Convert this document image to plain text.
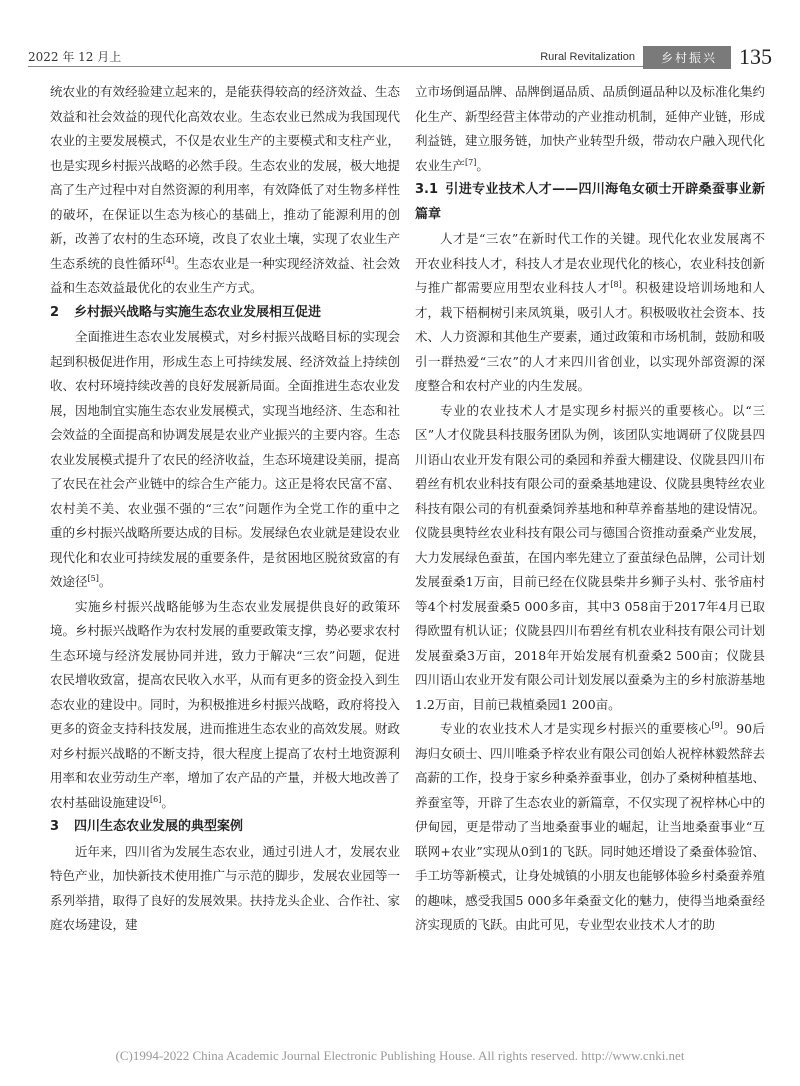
2022 年 12 月上	Rural Revitalization	乡村振兴	135

统农业的有效经验建立起来的，是能获得较高的经济效益、生态效益和社会效益的现代化高效农业。生态农业已然成为我国现代农业的主要发展模式，不仅是农业生产的主要模式和支柱产业，也是实现乡村振兴战略的必然手段。生态农业的发展，极大地提高了生产过程中对自然资源的利用率，有效降低了对生物多样性的破坏，在保证以生态为核心的基础上，推动了能源利用的创新，改善了农村的生态环境，改良了农业土壤，实现了农业生产生态系统的良性循环[4]。生态农业是一种实现经济效益、社会效益和生态效益最优化的农业生产方式。

2 乡村振兴战略与实施生态农业发展相互促进

全面推进生态农业发展模式，对乡村振兴战略目标的实现会起到积极促进作用，形成生态上可持续发展、经济效益上持续创收、农村环境持续改善的良好发展新局面。全面推进生态农业发展，因地制宜实施生态农业发展模式，实现当地经济、生态和社会效益的全面提高和协调发展是农业产业振兴的主要内容。生态农业发展模式提升了农民的经济收益，生态环境建设美丽，提高了农民在社会产业链中的综合生产能力。这正是将农民富不富、农村美不美、农业强不强的“三农”问题作为全党工作的重中之重的乡村振兴战略所要达成的目标。发展绿色农业就是建设农业现代化和农业可持续发展的重要条件，是贫困地区脱贫致富的有效途径[5]。

实施乡村振兴战略能够为生态农业发展提供良好的政策环境。乡村振兴战略作为农村发展的重要政策支撑，势必要求农村生态环境与经济发展协同并进，致力于解决“三农”问题，促进农民增收致富，提高农民收入水平，从而有更多的资金投入到生态农业的建设中。同时，为积极推进乡村振兴战略，政府将投入更多的资金支持科技发展，进而推进生态农业的高效发展。财政对乡村振兴战略的不断支持，很大程度上提高了农村土地资源利用率和农业劳动生产率，增加了农产品的产量，并极大地改善了农村基础设施建设[6]。

3 四川生态农业发展的典型案例

近年来，四川省为发展生态农业，通过引进人才，发展农业特色产业，加快新技术使用推广与示范的脚步，发展农业园等一系列举措，取得了良好的发展效果。扶持龙头企业、合作社、家庭农场建设，建

立市场倒逼品牌、品牌倒逼品质、品质倒逼品种以及标准化集约化生产、新型经营主体带动的产业推动机制，延伸产业链，形成利益链，建立服务链，加快产业转型升级，带动农户融入现代化农业生产[7]。

3.1 引进专业技术人才——四川海龟女硕士开辟桑蚕事业新篇章

人才是“三农”在新时代工作的关键。现代化农业发展离不开农业科技人才，科技人才是农业现代化的核心，农业科技创新与推广都需要应用型农业科技人才[8]。积极建设培训场地和人才，栽下梧桐树引来凤筑巢，吸引人才。积极吸收社会资本、技术、人力资源和其他生产要素，通过政策和市场机制，鼓励和吸引一群热爱“三农”的人才来四川省创业，以实现外部资源的深度整合和农村产业的内生发展。

专业的农业技术人才是实现乡村振兴的重要核心。以“三区”人才仪陇县科技服务团队为例，该团队实地调研了仪陇县四川语山农业开发有限公司的桑园和养蚕大棚建设、仪陇县四川布碧丝有机农业科技有限公司的蚕桑基地建设、仪陇县奥特丝农业科技有限公司的有机蚕桑饲养基地和种草养畜基地的建设情况。仪陇县奥特丝农业科技有限公司与德国合资推动蚕桑产业发展，大力发展绿色蚕茧，在国内率先建立了蚕茧绿色品牌，公司计划发展蚕桑1万亩，目前已经在仪陇县柴井乡狮子头村、张爷庙村等4个村发展蚕桑5 000多亩，其中3 058亩于2017年4月已取得欧盟有机认证；仪陇县四川布碧丝有机农业科技有限公司计划发展蚕桑3万亩，2018年开始发展有机蚕桑2 500亩；仪陇县四川语山农业开发有限公司计划发展以蚕桑为主的乡村旅游基地1.2万亩，目前已栽植桑园1 200亩。

专业的农业技术人才是实现乡村振兴的重要核心[9]。90后海归女硕士、四川唯桑予梓农业有限公司创始人祝梓林毅然辞去高薪的工作，投身于家乡种桑养蚕事业，创办了桑树种植基地、养蚕室等，开辟了生态农业的新篇章，不仅实现了祝梓林心中的伊甸园，更是带动了当地桑蚕事业的崛起，让当地桑蚕事业“互联网+农业”实现从0到1的飞跃。同时她还增设了桑蚕体验馆、手工坊等新模式，让身处城镇的小朋友也能够体验乡村桑蚕养殖的趣味，感受我国5 000多年桑蚕文化的魅力，使得当地桑蚕经济实现质的飞跃。由此可见，专业型农业技术人才的助

(C)1994-2022 China Academic Journal Electronic Publishing House. All rights reserved. http://www.cnki.net
